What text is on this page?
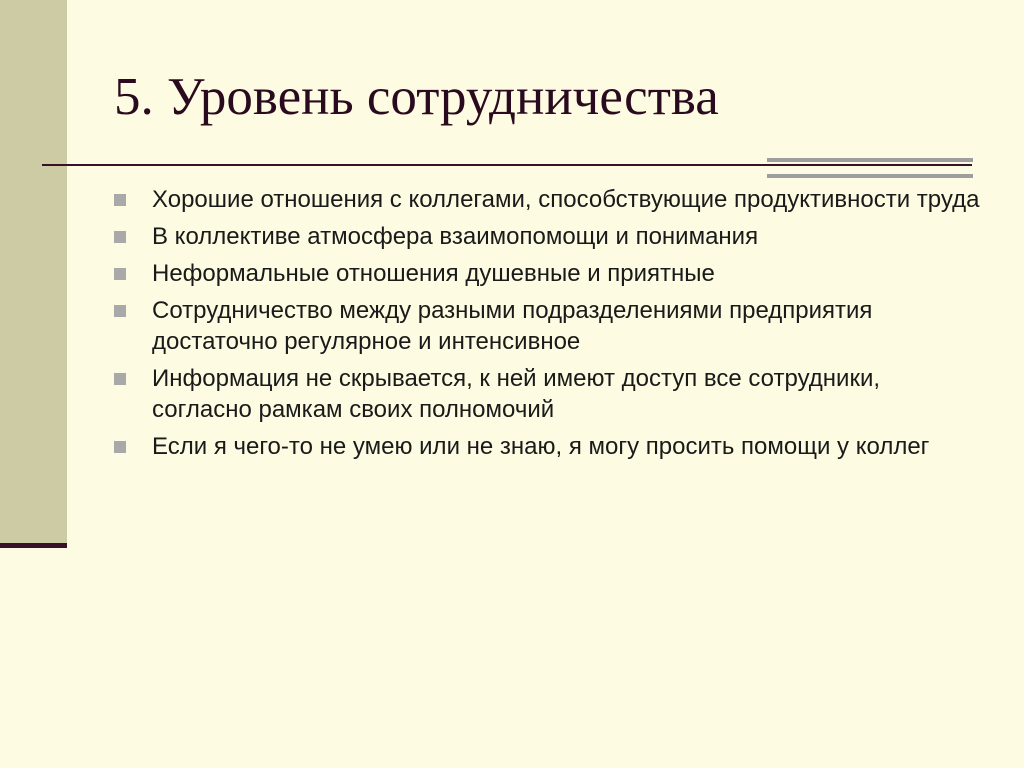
5. Уровень сотрудничества
Хорошие отношения с коллегами, способствующие продуктивности труда
В коллективе атмосфера взаимопомощи и понимания
Неформальные отношения душевные и приятные
Сотрудничество между разными подразделениями предприятия достаточно регулярное и интенсивное
Информация не скрывается, к ней имеют доступ все сотрудники, согласно рамкам своих полномочий
Если я чего-то не умею или не знаю, я могу просить помощи у коллег
